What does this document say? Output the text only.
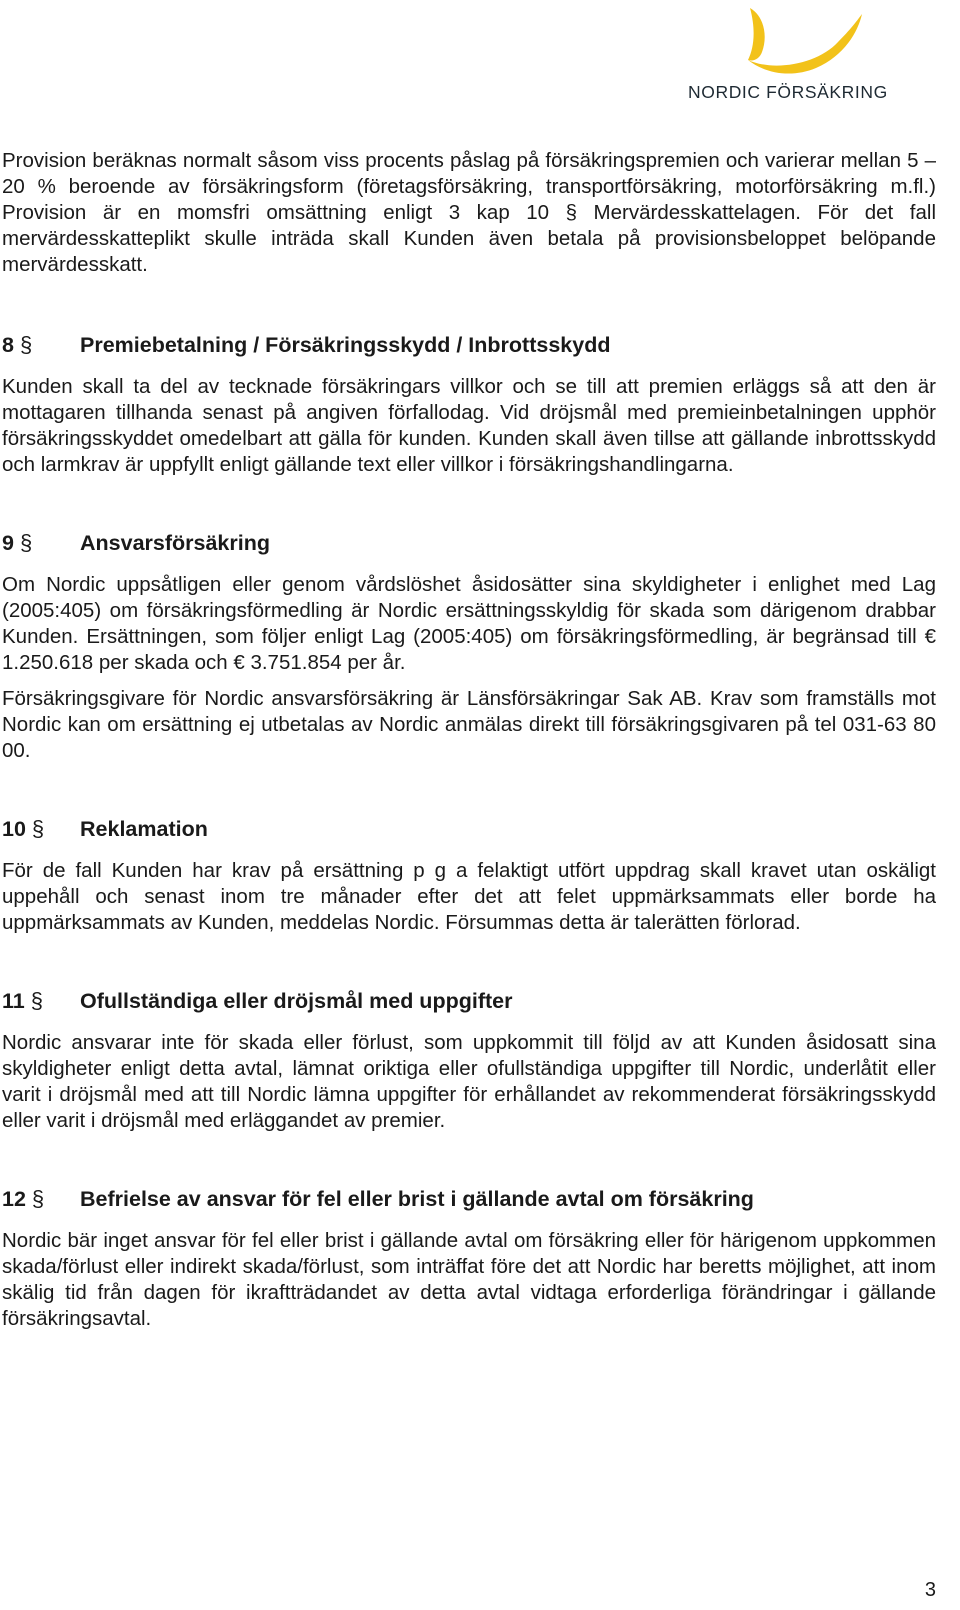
NORDIC FÖRSÄKRING

Provision beräknas normalt såsom viss procents påslag på försäkringspremien och varierar mellan 5 – 20 % beroende av försäkringsform (företagsförsäkring, transportförsäkring, motorförsäkring m.fl.) Provision är en momsfri omsättning enligt 3 kap 10 § Mervärdesskattelagen. För det fall mervärdesskatteplikt skulle inträda skall Kunden även betala på provisionsbeloppet belöpande mervärdesskatt.

8 §	Premiebetalning / Försäkringsskydd / Inbrottsskydd

Kunden skall ta del av tecknade försäkringars villkor och se till att premien erläggs så att den är mottagaren tillhanda senast på angiven förfallodag. Vid dröjsmål med premieinbetalningen upphör försäkringsskyddet omedelbart att gälla för kunden. Kunden skall även tillse att gällande inbrottsskydd och larmkrav är uppfyllt enligt gällande text eller villkor i försäkringshandlingarna.

9 §	Ansvarsförsäkring

Om Nordic uppsåtligen eller genom vårdslöshet åsidosätter sina skyldigheter i enlighet med Lag (2005:405) om försäkringsförmedling är Nordic ersättningsskyldig för skada som därigenom drabbar Kunden. Ersättningen, som följer enligt Lag (2005:405) om försäkringsförmedling, är begränsad till € 1.250.618 per skada och € 3.751.854 per år.

Försäkringsgivare för Nordic ansvarsförsäkring är Länsförsäkringar Sak AB. Krav som framställs mot Nordic kan om ersättning ej utbetalas av Nordic anmälas direkt till försäkringsgivaren på tel 031-63 80 00.

10 §	Reklamation

För de fall Kunden har krav på ersättning p g a felaktigt utfört uppdrag skall kravet utan oskäligt uppehåll och senast inom tre månader efter det att felet uppmärksammats eller borde ha uppmärksammats av Kunden, meddelas Nordic. Försummas detta är talerätten förlorad.

11 §	Ofullständiga eller dröjsmål med uppgifter

Nordic ansvarar inte för skada eller förlust, som uppkommit till följd av att Kunden åsidosatt sina skyldigheter enligt detta avtal, lämnat oriktiga eller ofullständiga uppgifter till Nordic, underlåtit eller varit i dröjsmål med att till Nordic lämna uppgifter för erhållandet av rekommenderat försäkringsskydd eller varit i dröjsmål med erläggandet av premier.

12 §	Befrielse av ansvar för fel eller brist i gällande avtal om försäkring

Nordic bär inget ansvar för fel eller brist i gällande avtal om försäkring eller för härigenom uppkommen skada/förlust eller indirekt skada/förlust, som inträffat före det att Nordic har beretts möjlighet, att inom skälig tid från dagen för ikraftträdandet av detta avtal vidtaga erforderliga förändringar i gällande försäkringsavtal.

3
